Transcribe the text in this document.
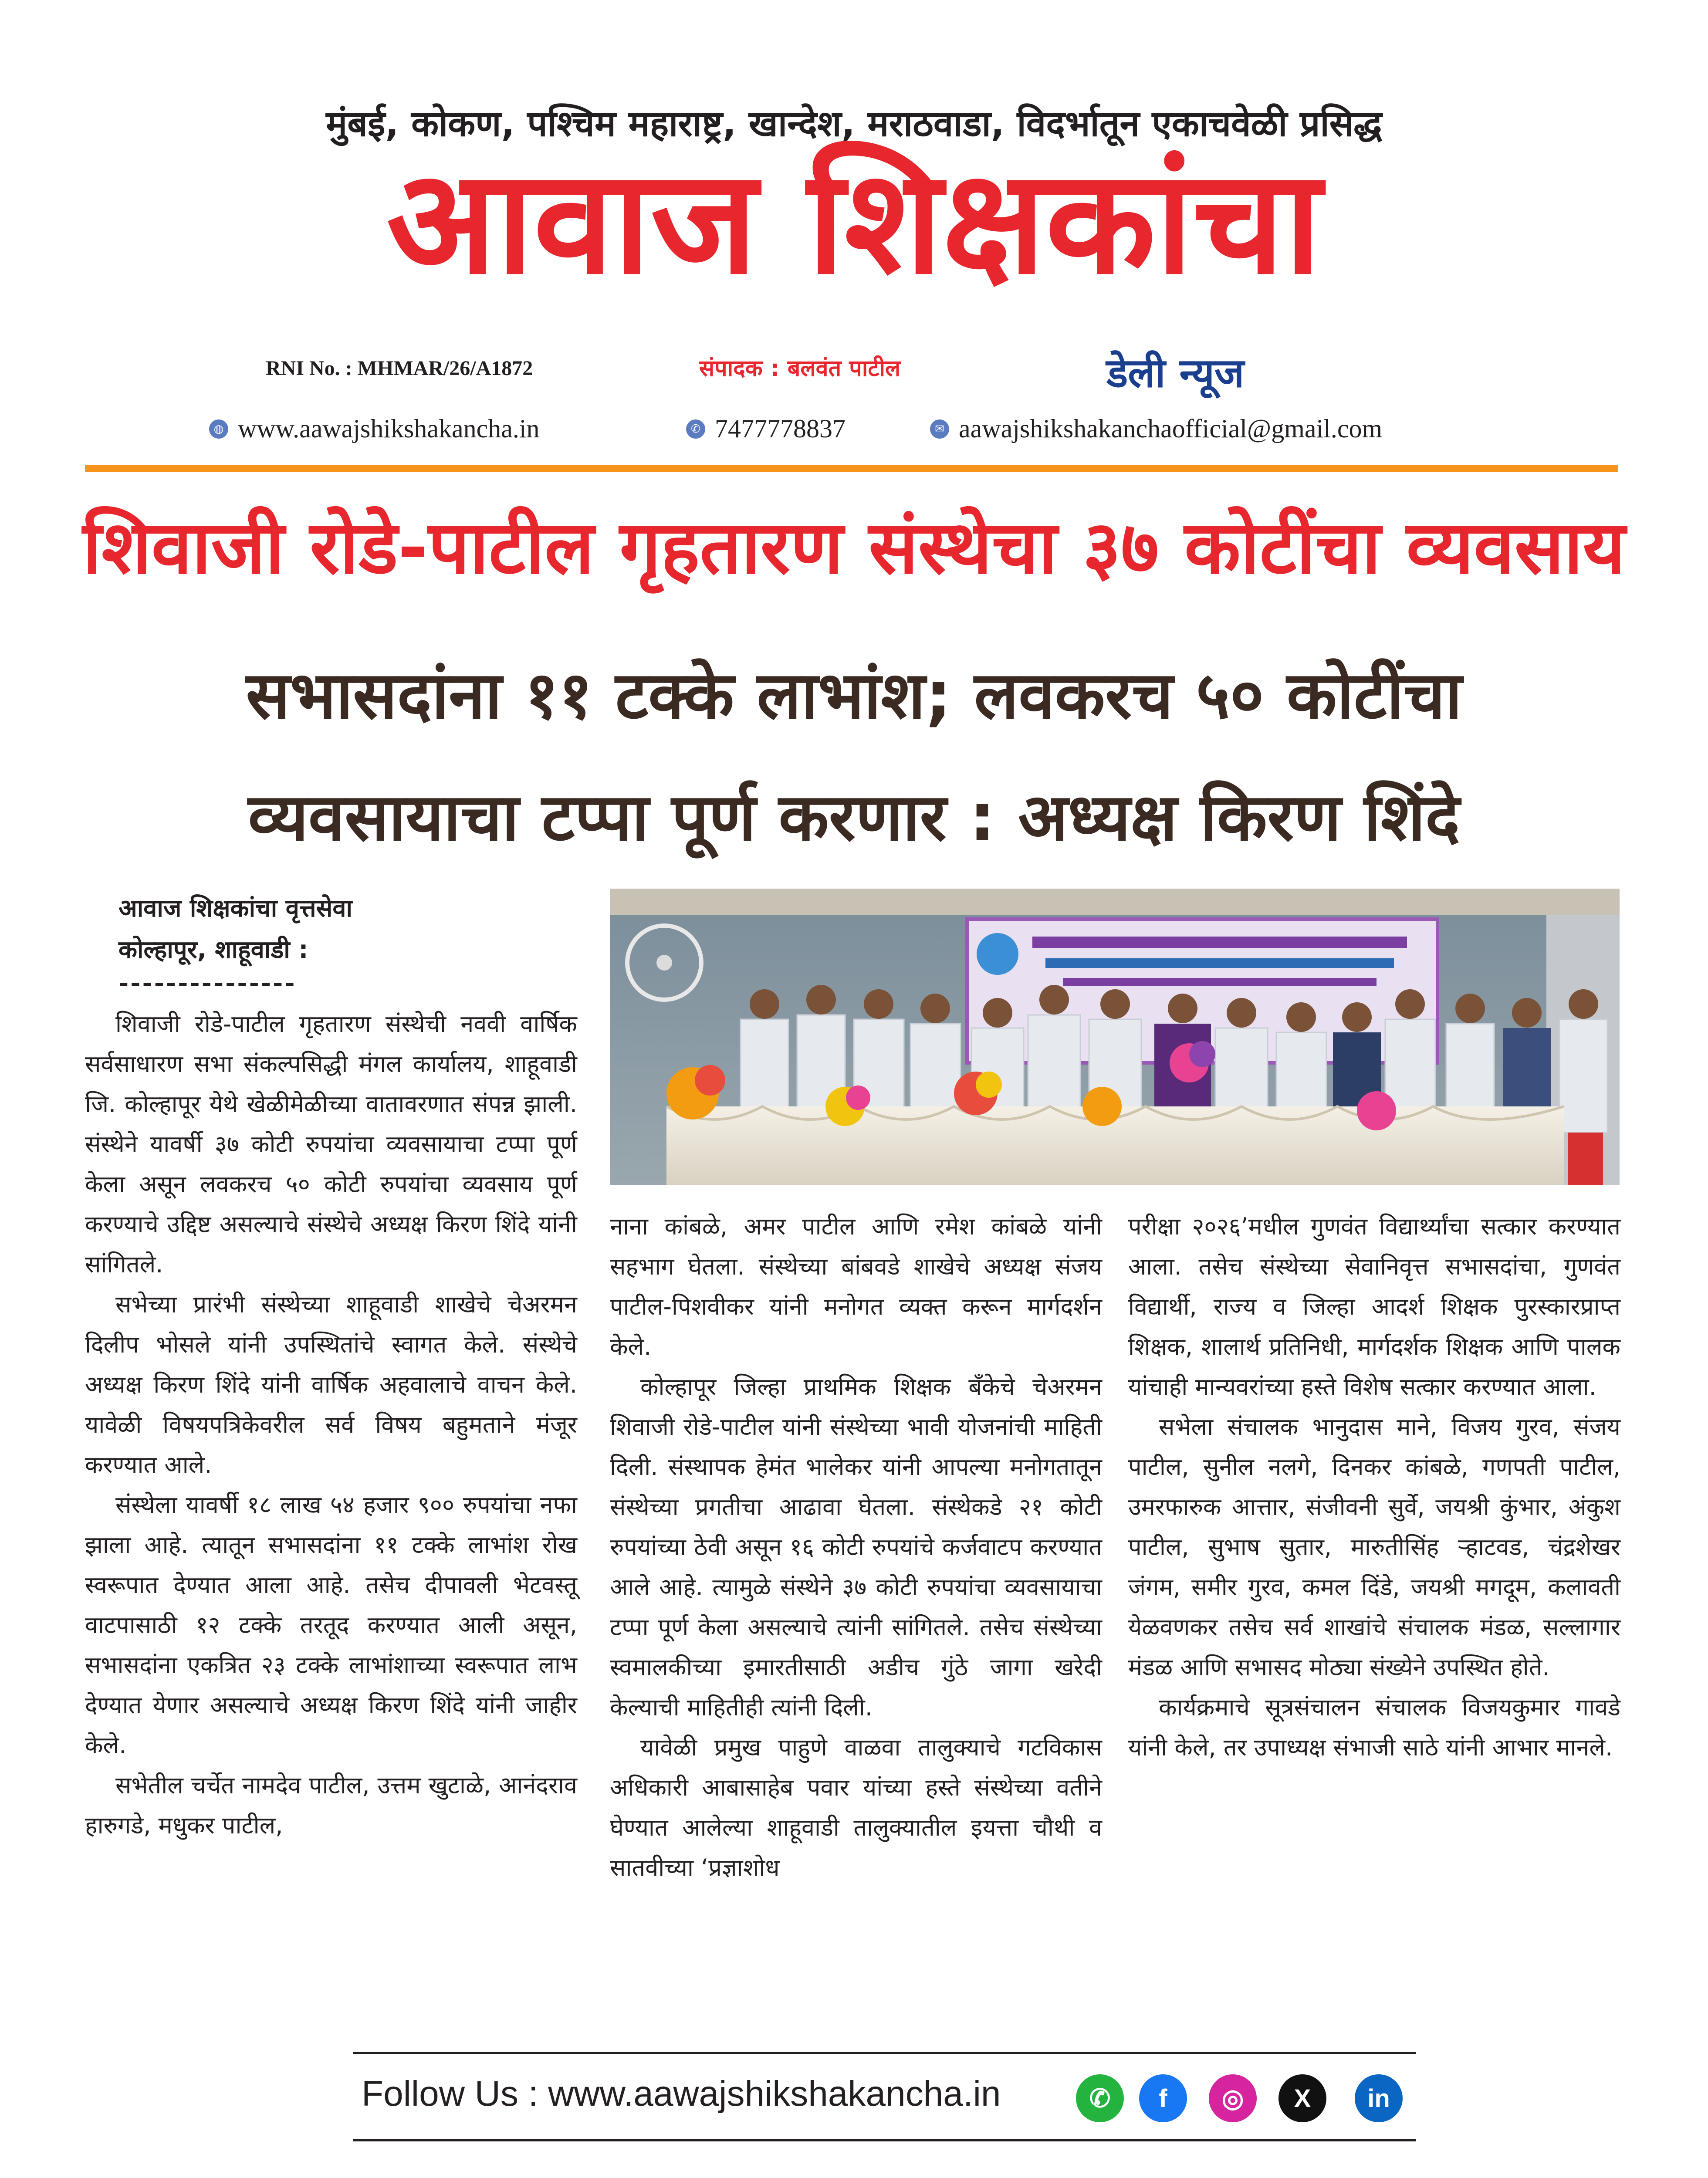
मुंबई, कोकण, पश्चिम महाराष्ट्र, खान्देश, मराठवाडा, विदर्भातून एकाचवेळी प्रसिद्ध
आवाज शिक्षकांचा
RNI No. : MHMAR/26/A1872	संपादक : बलवंत पाटील	डेली न्यूज
◍ www.aawajshikshakancha.in	✆ 7477778837	✉ aawajshikshakanchaofficial@gmail.com
शिवाजी रोडे-पाटील गृहतारण संस्थेचा ३७ कोटींचा व्यवसाय
सभासदांना ११ टक्के लाभांश; लवकरच ५० कोटींचा
व्यवसायाचा टप्पा पूर्ण करणार : अध्यक्ष किरण शिंदे
आवाज शिक्षकांचा वृत्तसेवा
कोल्हापूर, शाहूवाडी :
---------------

शिवाजी रोडे-पाटील गृहतारण संस्थेची नववी वार्षिक सर्वसाधारण सभा संकल्पसिद्धी मंगल कार्यालय, शाहूवाडी जि. कोल्हापूर येथे खेळीमेळीच्या वातावरणात संपन्न झाली. संस्थेने यावर्षी ३७ कोटी रुपयांचा व्यवसायाचा टप्पा पूर्ण केला असून लवकरच ५० कोटी रुपयांचा व्यवसाय पूर्ण करण्याचे उद्दिष्ट असल्याचे संस्थेचे अध्यक्ष किरण शिंदे यांनी सांगितले.

सभेच्या प्रारंभी संस्थेच्या शाहूवाडी शाखेचे चेअरमन दिलीप भोसले यांनी उपस्थितांचे स्वागत केले. संस्थेचे अध्यक्ष किरण शिंदे यांनी वार्षिक अहवालाचे वाचन केले. यावेळी विषयपत्रिकेवरील सर्व विषय बहुमताने मंजूर करण्यात आले.

संस्थेला यावर्षी १८ लाख ५४ हजार ९०० रुपयांचा नफा झाला आहे. त्यातून सभासदांना ११ टक्के लाभांश रोख स्वरूपात देण्यात आला आहे. तसेच दीपावली भेटवस्तू वाटपासाठी १२ टक्के तरतूद करण्यात आली असून, सभासदांना एकत्रित २३ टक्के लाभांशाच्या स्वरूपात लाभ देण्यात येणार असल्याचे अध्यक्ष किरण शिंदे यांनी जाहीर केले.

सभेतील चर्चेत नामदेव पाटील, उत्तम खुटाळे, आनंदराव हारुगडे, मधुकर पाटील,

नाना कांबळे, अमर पाटील आणि रमेश कांबळे यांनी सहभाग घेतला. संस्थेच्या बांबवडे शाखेचे अध्यक्ष संजय पाटील-पिशवीकर यांनी मनोगत व्यक्त करून मार्गदर्शन केले.

कोल्हापूर जिल्हा प्राथमिक शिक्षक बँकेचे चेअरमन शिवाजी रोडे-पाटील यांनी संस्थेच्या भावी योजनांची माहिती दिली. संस्थापक हेमंत भालेकर यांनी आपल्या मनोगतातून संस्थेच्या प्रगतीचा आढावा घेतला. संस्थेकडे २१ कोटी रुपयांच्या ठेवी असून १६ कोटी रुपयांचे कर्जवाटप करण्यात आले आहे. त्यामुळे संस्थेने ३७ कोटी रुपयांचा व्यवसायाचा टप्पा पूर्ण केला असल्याचे त्यांनी सांगितले. तसेच संस्थेच्या स्वमालकीच्या इमारतीसाठी अडीच गुंठे जागा खरेदी केल्याची माहितीही त्यांनी दिली.

यावेळी प्रमुख पाहुणे वाळवा तालुक्याचे गटविकास अधिकारी आबासाहेब पवार यांच्या हस्ते संस्थेच्या वतीने घेण्यात आलेल्या शाहूवाडी तालुक्यातील इयत्ता चौथी व सातवीच्या ‘प्रज्ञाशोध

परीक्षा २०२६’मधील गुणवंत विद्यार्थ्यांचा सत्कार करण्यात आला. तसेच संस्थेच्या सेवानिवृत्त सभासदांचा, गुणवंत विद्यार्थी, राज्य व जिल्हा आदर्श शिक्षक पुरस्कारप्राप्त शिक्षक, शालार्थ प्रतिनिधी, मार्गदर्शक शिक्षक आणि पालक यांचाही मान्यवरांच्या हस्ते विशेष सत्कार करण्यात आला.

सभेला संचालक भानुदास माने, विजय गुरव, संजय पाटील, सुनील नलगे, दिनकर कांबळे, गणपती पाटील, उमरफारुक आत्तार, संजीवनी सुर्वे, जयश्री कुंभार, अंकुश पाटील, सुभाष सुतार, मारुतीसिंह ऱ्हाटवड, चंद्रशेखर जंगम, समीर गुरव, कमल दिंडे, जयश्री मगदूम, कलावती येळवणकर तसेच सर्व शाखांचे संचालक मंडळ, सल्लागार मंडळ आणि सभासद मोठ्या संख्येने उपस्थित होते.

कार्यक्रमाचे सूत्रसंचालन संचालक विजयकुमार गावडे यांनी केले, तर उपाध्यक्ष संभाजी साठे यांनी आभार मानले.

Follow Us : www.aawajshikshakancha.in	✆ f ◎ X in
